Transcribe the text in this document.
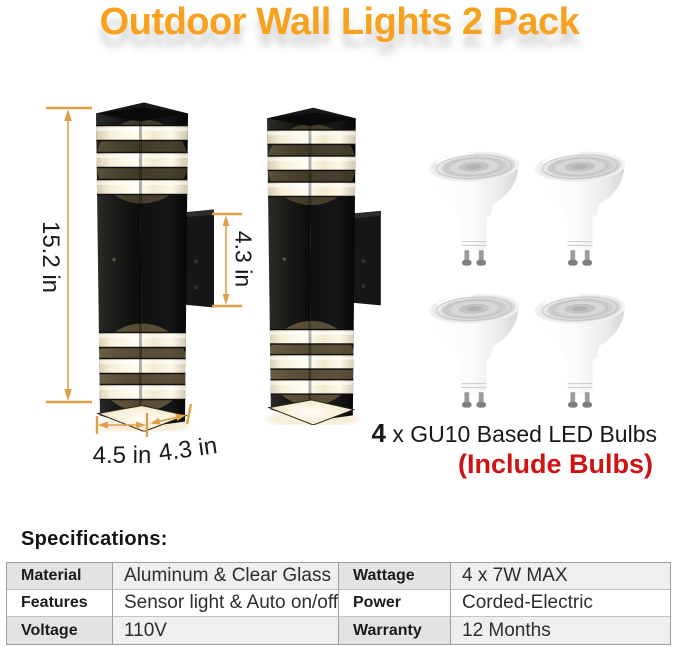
Outdoor Wall Lights 2 Pack
15.2 in	4.3 in
4.5 in 4.3 in	4 x GU10 Based LED Bulbs
(Include Bulbs)
Specifications:
Material	Aluminum & Clear Glass	Wattage	4 x 7W MAX
Features	Sensor light & Auto on/off Power	Corded-Electric
Voltage	110V	Warranty	12 Months
